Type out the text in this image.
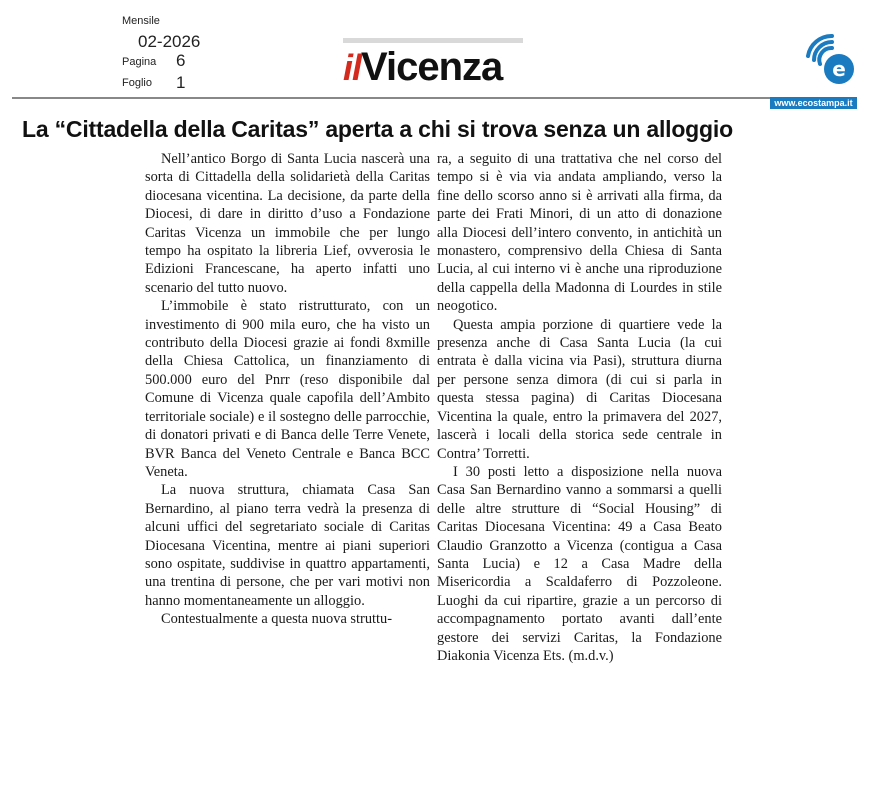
Mensile
02-2026
Pagina 6
Foglio 1	ilVicenza	e
www.ecostampa.it
La “Cittadella della Caritas” aperta a chi si trova senza un alloggio

Nell’antico Borgo di Santa Lucia nascerà una sorta di Cittadella della solidarietà della Caritas diocesana vicentina. La decisione, da parte della Diocesi, di dare in diritto d’uso a Fondazione Caritas Vicenza un immobile che per lungo tempo ha ospitato la libreria Lief, ovverosia le Edizioni Francescane, ha aperto infatti uno scenario del tutto nuovo.

L’immobile è stato ristrutturato, con un investimento di 900 mila euro, che ha visto un contributo della Diocesi grazie ai fondi 8xmille della Chiesa Cattolica, un finanziamento di 500.000 euro del Pnrr (reso disponibile dal Comune di Vicenza quale capofila dell’Ambito territoriale sociale) e il sostegno delle parrocchie, di donatori privati e di Banca delle Terre Venete, BVR Banca del Veneto Centrale e Banca BCC Veneta.

La nuova struttura, chiamata Casa San Bernardino, al piano terra vedrà la presenza di alcuni uffici del segretariato sociale di Caritas Diocesana Vicentina, mentre ai piani superiori sono ospitate, suddivise in quattro appartamenti, una trentina di persone, che per vari motivi non hanno momentaneamente un alloggio.

Contestualmente a questa nuova struttu-

ra, a seguito di una trattativa che nel corso del tempo si è via via andata ampliando, verso la fine dello scorso anno si è arrivati alla firma, da parte dei Frati Minori, di un atto di donazione alla Diocesi dell’intero convento, in antichità un monastero, comprensivo della Chiesa di Santa Lucia, al cui interno vi è anche una riproduzione della cappella della Madonna di Lourdes in stile neogotico.

Questa ampia porzione di quartiere vede la presenza anche di Casa Santa Lucia (la cui entrata è dalla vicina via Pasi), struttura diurna per persone senza dimora (di cui si parla in questa stessa pagina) di Caritas Diocesana Vicentina la quale, entro la primavera del 2027, lascerà i locali della storica sede centrale in Contra’ Torretti.

I 30 posti letto a disposizione nella nuova Casa San Bernardino vanno a sommarsi a quelli delle altre strutture di “Social Housing” di Caritas Diocesana Vicentina: 49 a Casa Beato Claudio Granzotto a Vicenza (contigua a Casa Santa Lucia) e 12 a Casa Madre della Misericordia a Scaldaferro di Pozzoleone. Luoghi da cui ripartire, grazie a un percorso di accompagnamento portato avanti dall’ente gestore dei servizi Caritas, la Fondazione Diakonia Vicenza Ets. (m.d.v.)
